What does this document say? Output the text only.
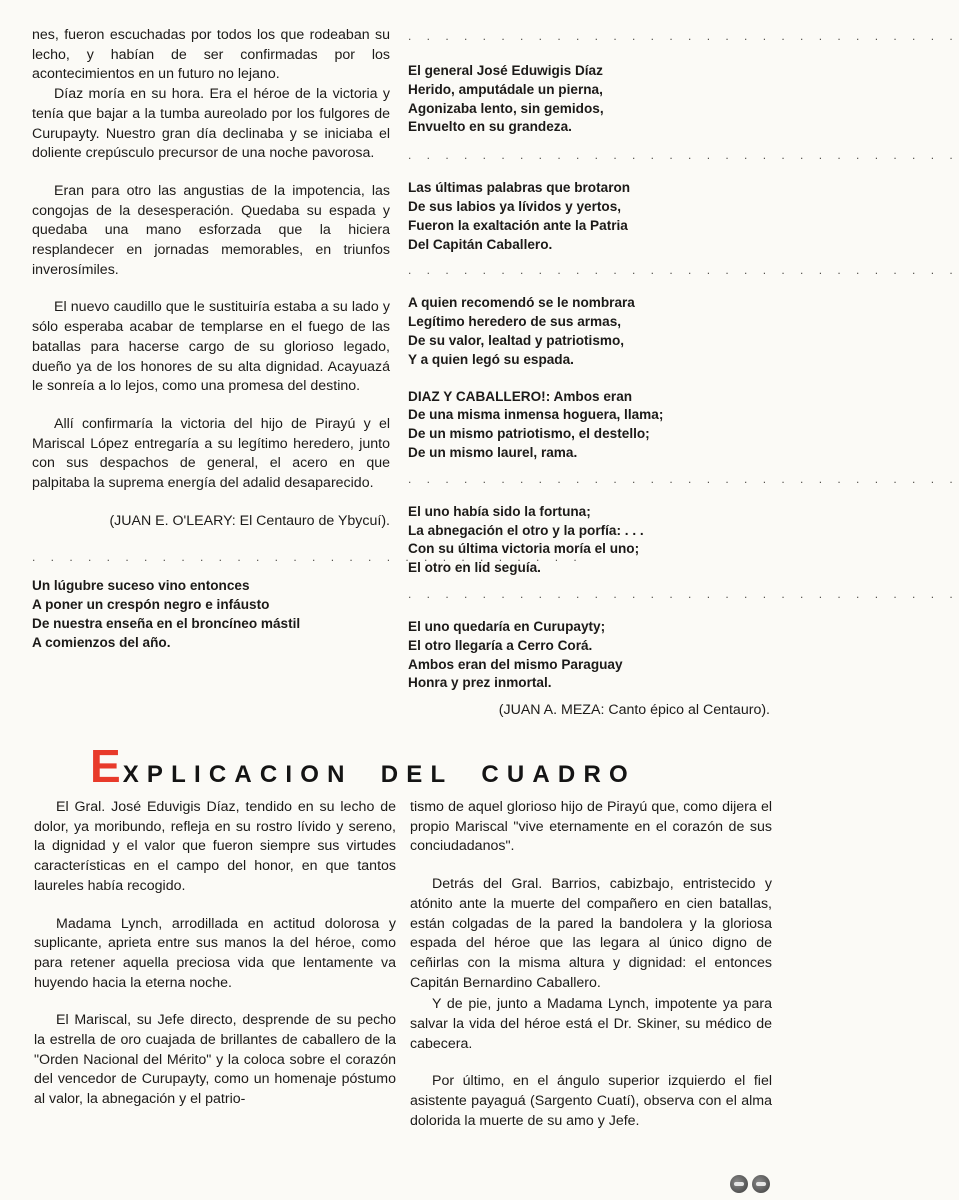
nes, fueron escuchadas por todos los que rodeaban su lecho, y habían de ser confirmadas por los acontecimientos en un futuro no lejano.

Díaz moría en su hora. Era el héroe de la victoria y tenía que bajar a la tumba aureolado por los fulgores de Curupayty. Nuestro gran día declinaba y se iniciaba el doliente crepúsculo precursor de una noche pavorosa.

Eran para otro las angustias de la impotencia, las congojas de la desesperación. Quedaba su espada y quedaba una mano esforzada que la hiciera resplandecer en jornadas memorables, en triunfos inverosímiles.

El nuevo caudillo que le sustituiría estaba a su lado y sólo esperaba acabar de templarse en el fuego de las batallas para hacerse cargo de su glorioso legado, dueño ya de los honores de su alta dignidad. Acayuazá le sonreía a lo lejos, como una promesa del destino.

Allí confirmaría la victoria del hijo de Pirayú y el Mariscal López entregaría a su legítimo heredero, junto con sus despachos de general, el acero en que palpitaba la suprema energía del adalid desaparecido.

(JUAN E. O'LEARY: El Centauro de Ybycuí).

. . . . . . . . . . . . . . . . . . . . . . . . . . . . . .
Un lúgubre suceso vino entonces
A poner un crespón negro e infáusto
De nuestra enseña en el broncíneo mástil
A comienzos del año.
. . . . . . . . . . . . . . . . . . . . . . . . . . . . . .
El general José Eduwigis Díaz
Herido, amputádale un pierna,
Agonizaba lento, sin gemidos,
Envuelto en su grandeza.
. . . . . . . . . . . . . . . . . . . . . . . . . . . . . .
Las últimas palabras que brotaron
De sus labios ya lívidos y yertos,
Fueron la exaltación ante la Patria
Del Capitán Caballero.
. . . . . . . . . . . . . . . . . . . . . . . . . . . . . .
A quien recomendó se le nombrara
Legítimo heredero de sus armas,
De su valor, lealtad y patriotismo,
Y a quien legó su espada.
DIAZ Y CABALLERO!: Ambos eran
De una misma inmensa hoguera, llama;
De un mismo patriotismo, el destello;
De un mismo laurel, rama.
. . . . . . . . . . . . . . . . . . . . . . . . . . . . . .
El uno había sido la fortuna;
La abnegación el otro y la porfía: . . .
Con su última victoria moría el uno;
El otro en lid seguía.
. . . . . . . . . . . . . . . . . . . . . . . . . . . . . .
El uno quedaría en Curupayty;
El otro llegaría a Cerro Corá.
Ambos eran del mismo Paraguay
Honra y prez inmortal.

(JUAN A. MEZA: Canto épico al Centauro).

EXPLICACION DEL CUADRO

El Gral. José Eduvigis Díaz, tendido en su lecho de dolor, ya moribundo, refleja en su rostro lívido y sereno, la dignidad y el valor que fueron siempre sus virtudes características en el campo del honor, en que tantos laureles había recogido.

Madama Lynch, arrodillada en actitud dolorosa y suplicante, aprieta entre sus manos la del héroe, como para retener aquella preciosa vida que lentamente va huyendo hacia la eterna noche.

El Mariscal, su Jefe directo, desprende de su pecho la estrella de oro cuajada de brillantes de caballero de la "Orden Nacional del Mérito" y la coloca sobre el corazón del vencedor de Curupayty, como un homenaje póstumo al valor, la abnegación y el patrio-

tismo de aquel glorioso hijo de Pirayú que, como dijera el propio Mariscal "vive eternamente en el corazón de sus conciudadanos".

Detrás del Gral. Barrios, cabizbajo, entristecido y atónito ante la muerte del compañero en cien batallas, están colgadas de la pared la bandolera y la gloriosa espada del héroe que las legara al único digno de ceñirlas con la misma altura y dignidad: el entonces Capitán Bernardino Caballero.

Y de pie, junto a Madama Lynch, impotente ya para salvar la vida del héroe está el Dr. Skiner, su médico de cabecera.

Por último, en el ángulo superior izquierdo el fiel asistente payaguá (Sargento Cuatí), observa con el alma dolorida la muerte de su amo y Jefe.
